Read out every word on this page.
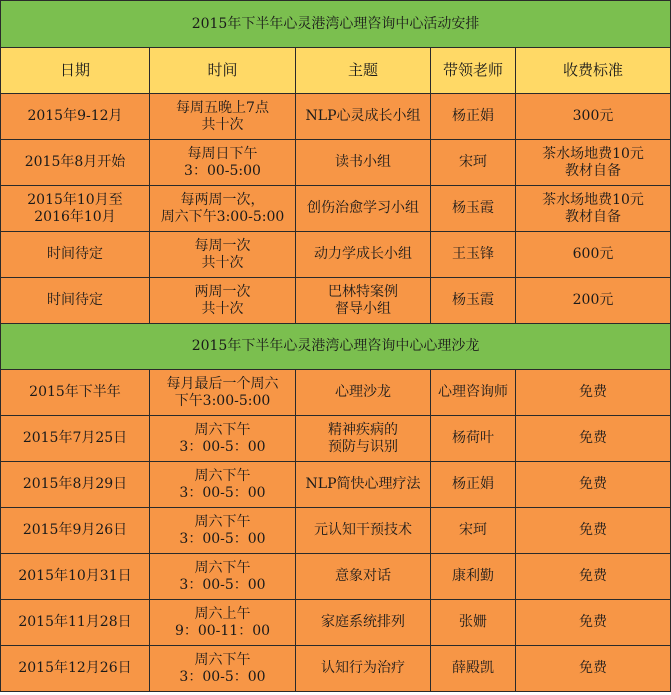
2015年下半年心灵港湾心理咨询中心活动安排				
日期	时间	主题	带领老师	收费标准

2015年9-12月	每周五晚上7点
共十次	NLP心灵成长小组	杨正娟	300元

2015年8月开始	每周日下午
3：00-5:00	读书小组	宋珂	茶水场地费10元
教材自备

2015年10月至
2016年10月	每两周一次，
周六下午3:00-5:00	创伤治愈学习小组	杨玉霞	茶水场地费10元
教材自备

时间待定	每周一次
共十次	动力学成长小组	王玉锋	600元

时间待定	两周一次
共十次	巴林特案例
督导小组	杨玉霞	200元

2015年下半年心灵港湾心理咨询中心心理沙龙				

2015年下半年	每月最后一个周六
下午3:00-5:00	心理沙龙	心理咨询师	免费

2015年7月25日	周六下午
3：00-5：00	精神疾病的
预防与识别	杨荷叶	免费

2015年8月29日	周六下午
3：00-5：00	NLP简快心理疗法	杨正娟	免费

2015年9月26日	周六下午
3：00-5：00	元认知干预技术	宋珂	免费

2015年10月31日	周六下午
3：00-5：00	意象对话	康利勤	免费

2015年11月28日	周六上午
9：00-11：00	家庭系统排列	张姗	免费

2015年12月26日	周六下午
3：00-5：00	认知行为治疗	薛殿凯	免费
